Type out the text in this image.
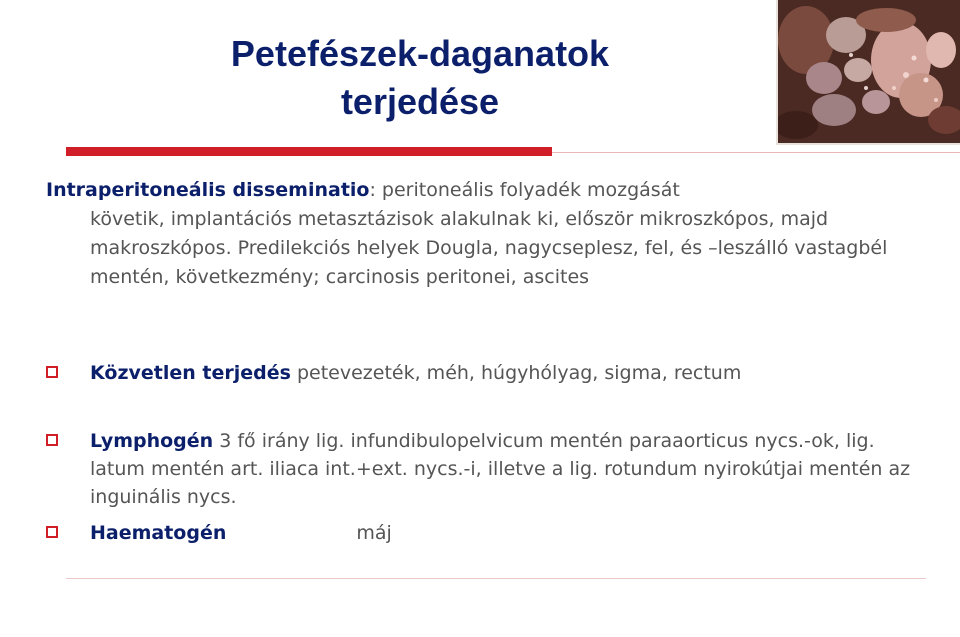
Petefészek-daganatok
terjedése
Intraperitoneális disseminatio: peritoneális folyadék mozgását
követik, implantációs metasztázisok alakulnak ki, először mikroszkópos, majd makroszkópos. Predilekciós helyek Dougla, nagycseplesz, fel, és –leszálló vastagbél mentén, következmény; carcinosis peritonei, ascites
Közvetlen terjedés petevezeték, méh, húgyhólyag, sigma, rectum
Lymphogén 3 fő irány lig. infundibulopelvicum mentén paraaorticus nycs.-ok, lig. latum mentén art. iliaca int.+ext. nycs.-i, illetve a lig. rotundum nyirokútjai mentén az inguinális nycs.
Haematogén	máj
